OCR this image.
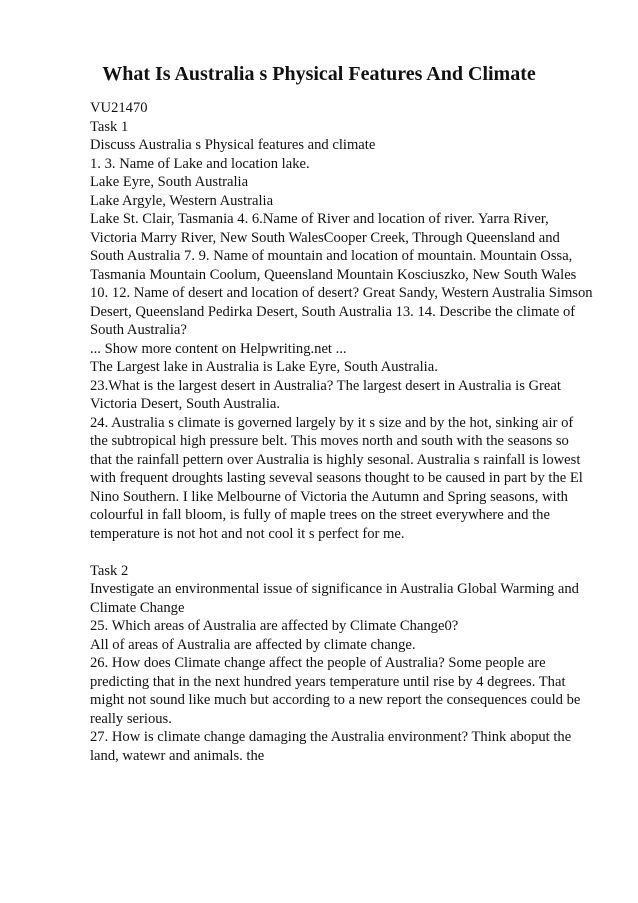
What Is Australia s Physical Features And Climate
VU21470
Task 1
Discuss Australia s Physical features and climate
1. 3. Name of Lake and location lake.
Lake Eyre, South Australia
Lake Argyle, Western Australia
Lake St. Clair, Tasmania 4. 6.Name of River and location of river. Yarra River,
Victoria Marry River, New South WalesCooper Creek, Through Queensland and
South Australia 7. 9. Name of mountain and location of mountain. Mountain Ossa,
Tasmania Mountain Coolum, Queensland Mountain Kosciuszko, New South Wales
10. 12. Name of desert and location of desert? Great Sandy, Western Australia Simson
Desert, Queensland Pedirka Desert, South Australia 13. 14. Describe the climate of
South Australia?
... Show more content on Helpwriting.net ...
The Largest lake in Australia is Lake Eyre, South Australia.
23.What is the largest desert in Australia? The largest desert in Australia is Great
Victoria Desert, South Australia.
24. Australia s climate is governed largely by it s size and by the hot, sinking air of
the subtropical high pressure belt. This moves north and south with the seasons so
that the rainfall pettern over Australia is highly sesonal. Australia s rainfall is lowest
with frequent droughts lasting seveval seasons thought to be caused in part by the El
Nino Southern. I like Melbourne of Victoria the Autumn and Spring seasons, with
colourful in fall bloom, is fully of maple trees on the street everywhere and the
temperature is not hot and not cool it s perfect for me.
Task 2
Investigate an environmental issue of significance in Australia Global Warming and
Climate Change
25. Which areas of Australia are affected by Climate Change0?
All of areas of Australia are affected by climate change.
26. How does Climate change affect the people of Australia? Some people are
predicting that in the next hundred years temperature until rise by 4 degrees. That
might not sound like much but according to a new report the consequences could be
really serious.
27. How is climate change damaging the Australia environment? Think aboput the
land, watewr and animals. the
